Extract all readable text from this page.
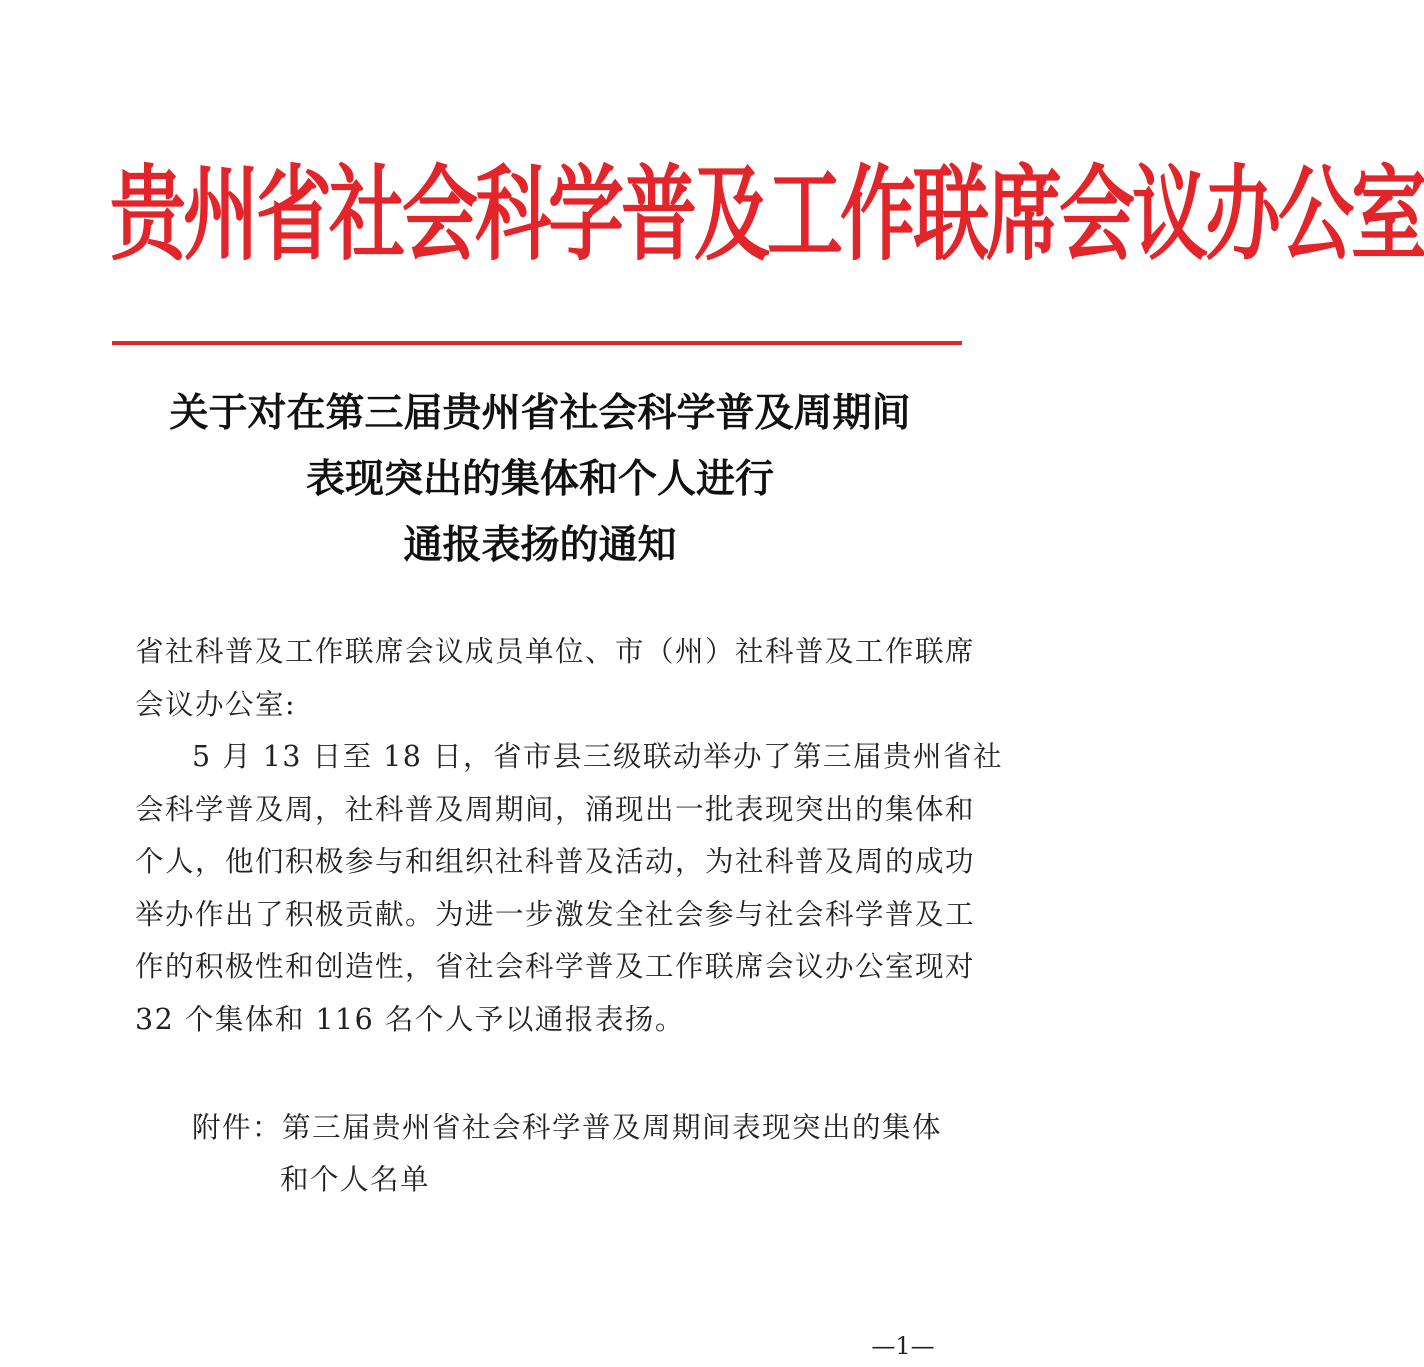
贵州省社会科学普及工作联席会议办公室
关于对在第三届贵州省社会科学普及周期间
表现突出的集体和个人进行
通报表扬的通知
省社科普及工作联席会议成员单位、市（州）社科普及工作联席
会议办公室:
5 月 13 日至 18 日，省市县三级联动举办了第三届贵州省社
会科学普及周，社科普及周期间，涌现出一批表现突出的集体和
个人，他们积极参与和组织社科普及活动，为社科普及周的成功
举办作出了积极贡献。为进一步激发全社会参与社会科学普及工
作的积极性和创造性，省社会科学普及工作联席会议办公室现对
32 个集体和 116 名个人予以通报表扬。
附件：第三届贵州省社会科学普及周期间表现突出的集体
和个人名单
—1—
